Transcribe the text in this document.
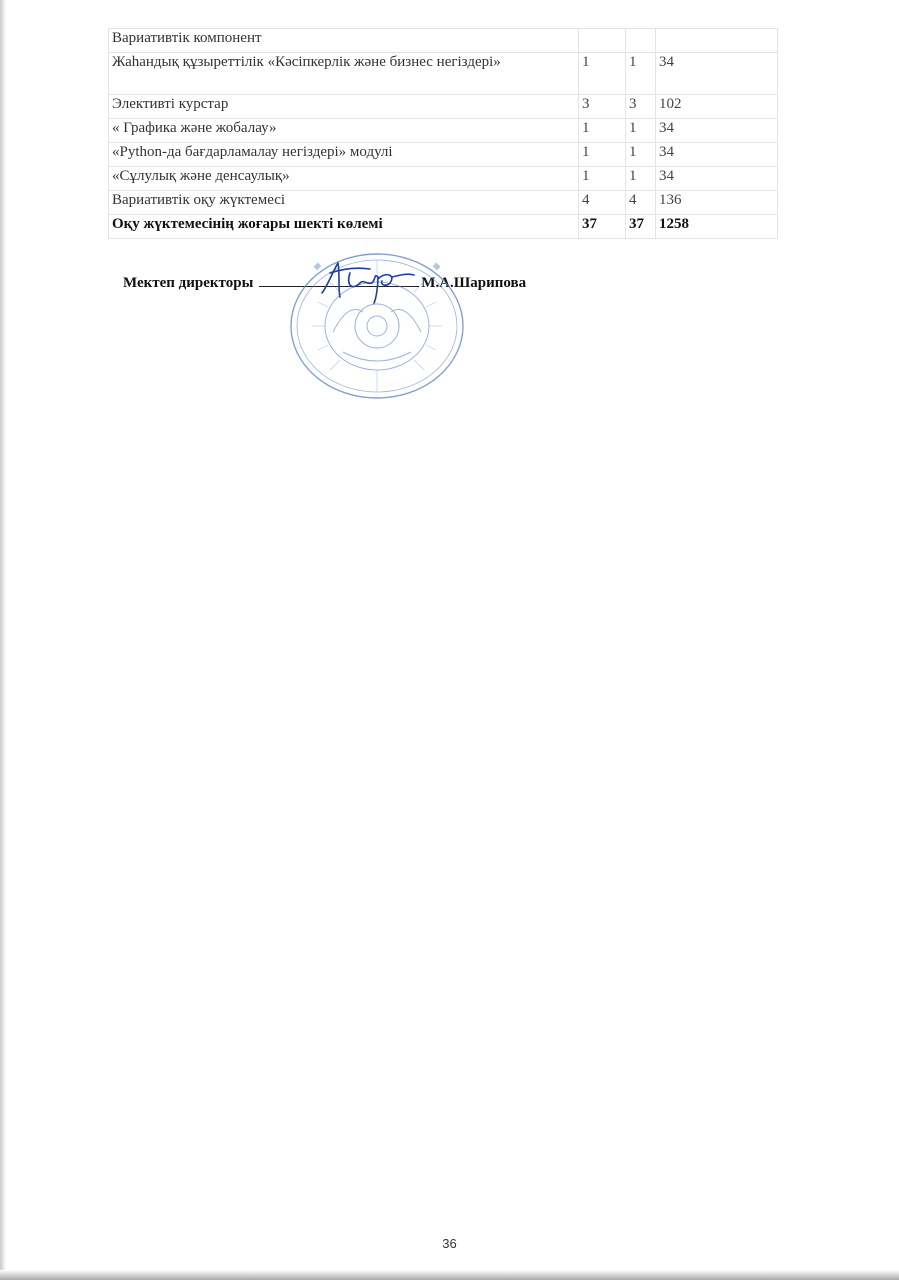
Вариативтік компонент			
Жаһандық құзыреттілік «Кәсіпкерлік және бизнес негіздері»	1	1	34
Элективті курстар	3	3	102
« Графика және жобалау»	1	1	34
«Python-да бағдарламалау негіздері» модулі	1	1	34
«Сұлулық және денсаулық»	1	1	34
Вариативтік оқу жүктемесі	4	4	136
Оқу жүктемесінің жоғары шекті көлемі	37	37	1258
Мектеп директоры	М.А.Шарипова
36
